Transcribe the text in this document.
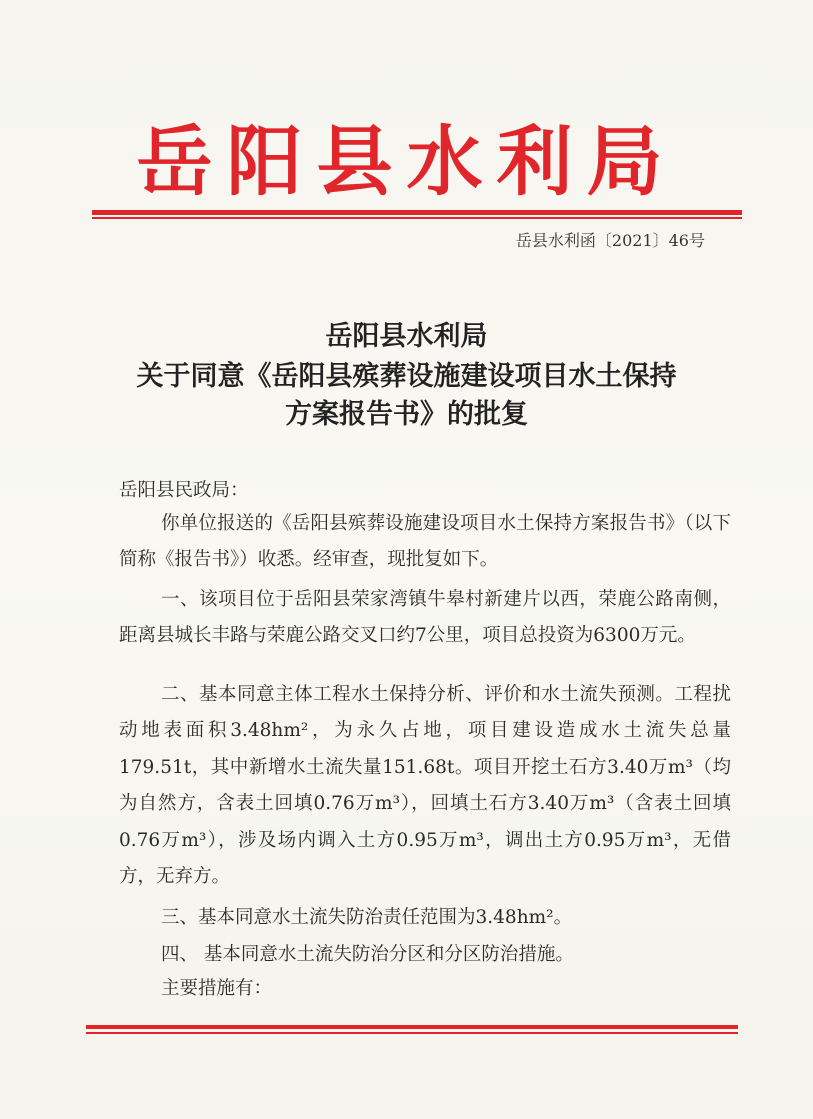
岳阳县水利局
岳县水利函〔2021〕46号
岳阳县水利局
关于同意《岳阳县殡葬设施建设项目水土保持
方案报告书》的批复
岳阳县民政局：
你单位报送的《岳阳县殡葬设施建设项目水土保持方案报告书》（以下简称《报告书》）收悉。经审查，现批复如下。
一、该项目位于岳阳县荣家湾镇牛皋村新建片以西，荣鹿公路南侧，距离县城长丰路与荣鹿公路交叉口约7公里，项目总投资为6300万元。
二、基本同意主体工程水土保持分析、评价和水土流失预测。工程扰动地表面积3.48hm²，为永久占地，项目建设造成水土流失总量179.51t，其中新增水土流失量151.68t。项目开挖土石方3.40万m³（均为自然方，含表土回填0.76万m³），回填土石方3.40万m³（含表土回填0.76万m³），涉及场内调入土方0.95万m³，调出土方0.95万m³，无借方，无弃方。
三、基本同意水土流失防治责任范围为3.48hm²。
四、 基本同意水土流失防治分区和分区防治措施。
主要措施有：
